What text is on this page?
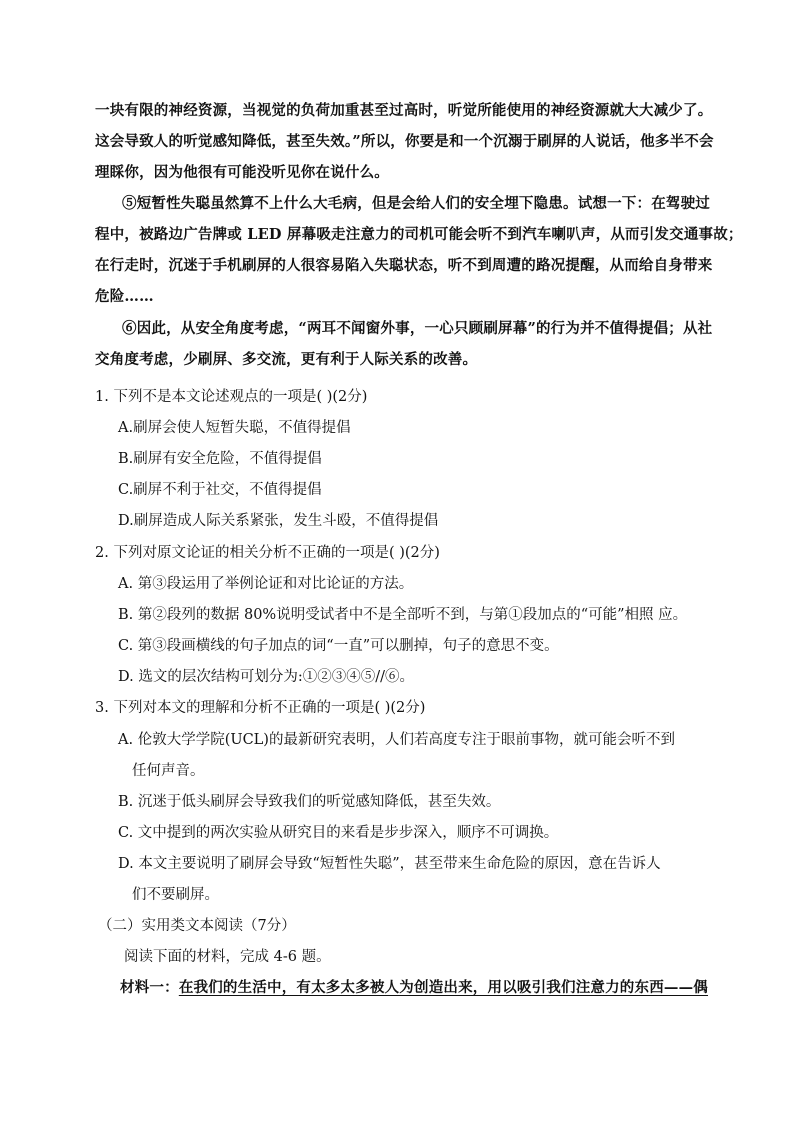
一块有限的神经资源，当视觉的负荷加重甚至过高时，听觉所能使用的神经资源就大大减少了。
这会导致人的听觉感知降低，甚至失效。”所以，你要是和一个沉溺于刷屏的人说话，他多半不会
理睬你，因为他很有可能没听见你在说什么。
⑤短暂性失聪虽然算不上什么大毛病，但是会给人们的安全埋下隐患。试想一下：在驾驶过
程中，被路边广告牌或 LED 屏幕吸走注意力的司机可能会听不到汽车喇叭声，从而引发交通事故；
在行走时，沉迷于手机刷屏的人很容易陷入失聪状态，听不到周遭的路况提醒，从而给自身带来
危险……
⑥因此，从安全角度考虑，“两耳不闻窗外事，一心只顾刷屏幕”的行为并不值得提倡；从社
交角度考虑，少刷屏、多交流，更有利于人际关系的改善。
1. 下列不是本文论述观点的一项是( )(2分)
A.刷屏会使人短暂失聪，不值得提倡
B.刷屏有安全危险，不值得提倡
C.刷屏不利于社交，不值得提倡
D.刷屏造成人际关系紧张，发生斗殴，不值得提倡
2. 下列对原文论证的相关分析不正确的一项是( )(2分)
A. 第③段运用了举例论证和对比论证的方法。
B. 第②段列的数据 80%说明受试者中不是全部听不到，与第①段加点的“可能”相照 应。
C. 第③段画横线的句子加点的词“一直”可以删掉，句子的意思不变。
D. 选文的层次结构可划分为:①②③④⑤//⑥。
3. 下列对本文的理解和分析不正确的一项是( )(2分)
A. 伦敦大学学院(UCL)的最新研究表明，人们若高度专注于眼前事物，就可能会听不到
任何声音。
B. 沉迷于低头刷屏会导致我们的听觉感知降低，甚至失效。
C. 文中提到的两次实验从研究目的来看是步步深入，顺序不可调换。
D. 本文主要说明了刷屏会导致“短暂性失聪”，甚至带来生命危险的原因，意在告诉人
们不要刷屏。
（二）实用类文本阅读（7分）
阅读下面的材料，完成 4-6 题。
材料一：在我们的生活中，有太多太多被人为创造出来，用以吸引我们注意力的东西——偶
